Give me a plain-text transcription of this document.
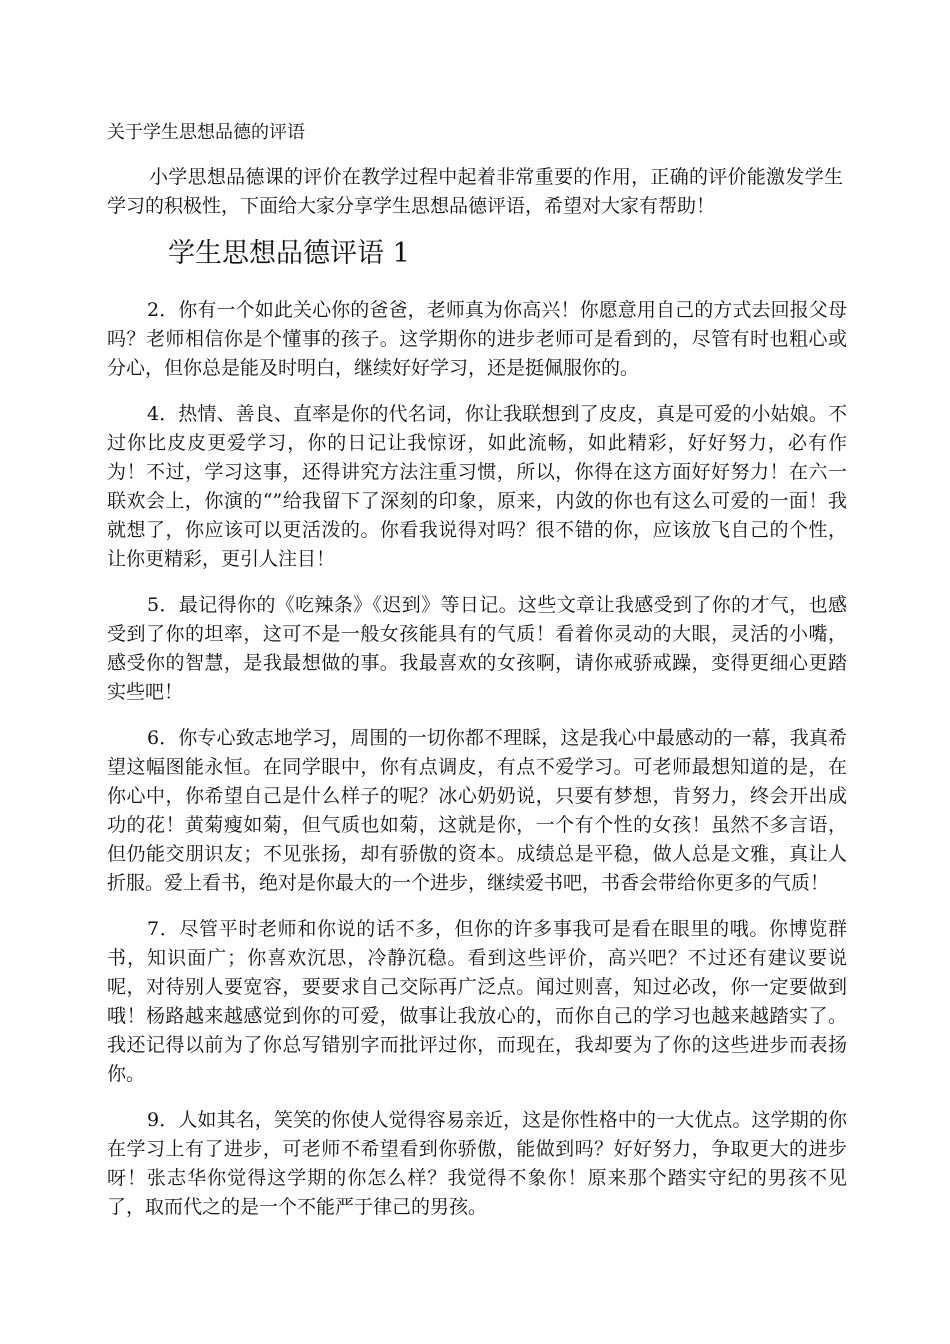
关于学生思想品德的评语

小学思想品德课的评价在教学过程中起着非常重要的作用，正确的评价能激发学生学习的积极性，下面给大家分享学生思想品德评语，希望对大家有帮助！

学生思想品德评语 1

2．你有一个如此关心你的爸爸，老师真为你高兴！你愿意用自己的方式去回报父母吗？老师相信你是个懂事的孩子。这学期你的进步老师可是看到的，尽管有时也粗心或分心，但你总是能及时明白，继续好好学习，还是挺佩服你的。

4．热情、善良、直率是你的代名词，你让我联想到了皮皮，真是可爱的小姑娘。不过你比皮皮更爱学习，你的日记让我惊讶，如此流畅，如此精彩，好好努力，必有作为！不过，学习这事，还得讲究方法注重习惯，所以，你得在这方面好好努力！在六一联欢会上，你演的“”给我留下了深刻的印象，原来，内敛的你也有这么可爱的一面！我就想了，你应该可以更活泼的。你看我说得对吗？很不错的你，应该放飞自己的个性，让你更精彩，更引人注目！

5．最记得你的《吃辣条》《迟到》等日记。这些文章让我感受到了你的才气，也感受到了你的坦率，这可不是一般女孩能具有的气质！看着你灵动的大眼，灵活的小嘴，感受你的智慧，是我最想做的事。我最喜欢的女孩啊，请你戒骄戒躁，变得更细心更踏实些吧！

6．你专心致志地学习，周围的一切你都不理睬，这是我心中最感动的一幕，我真希望这幅图能永恒。在同学眼中，你有点调皮，有点不爱学习。可老师最想知道的是，在你心中，你希望自己是什么样子的呢？冰心奶奶说，只要有梦想，肯努力，终会开出成功的花！黄菊瘦如菊，但气质也如菊，这就是你，一个有个性的女孩！虽然不多言语，但仍能交朋识友；不见张扬，却有骄傲的资本。成绩总是平稳，做人总是文雅，真让人折服。爱上看书，绝对是你最大的一个进步，继续爱书吧，书香会带给你更多的气质！

7．尽管平时老师和你说的话不多，但你的许多事我可是看在眼里的哦。你博览群书，知识面广；你喜欢沉思，冷静沉稳。看到这些评价，高兴吧？不过还有建议要说呢，对待别人要宽容，要要求自己交际再广泛点。闻过则喜，知过必改，你一定要做到哦！杨路越来越感觉到你的可爱，做事让我放心的，而你自己的学习也越来越踏实了。我还记得以前为了你总写错别字而批评过你，而现在，我却要为了你的这些进步而表扬你。

9．人如其名，笑笑的你使人觉得容易亲近，这是你性格中的一大优点。这学期的你在学习上有了进步，可老师不希望看到你骄傲，能做到吗？好好努力，争取更大的进步呀！张志华你觉得这学期的你怎么样？我觉得不象你！原来那个踏实守纪的男孩不见了，取而代之的是一个不能严于律己的男孩。
